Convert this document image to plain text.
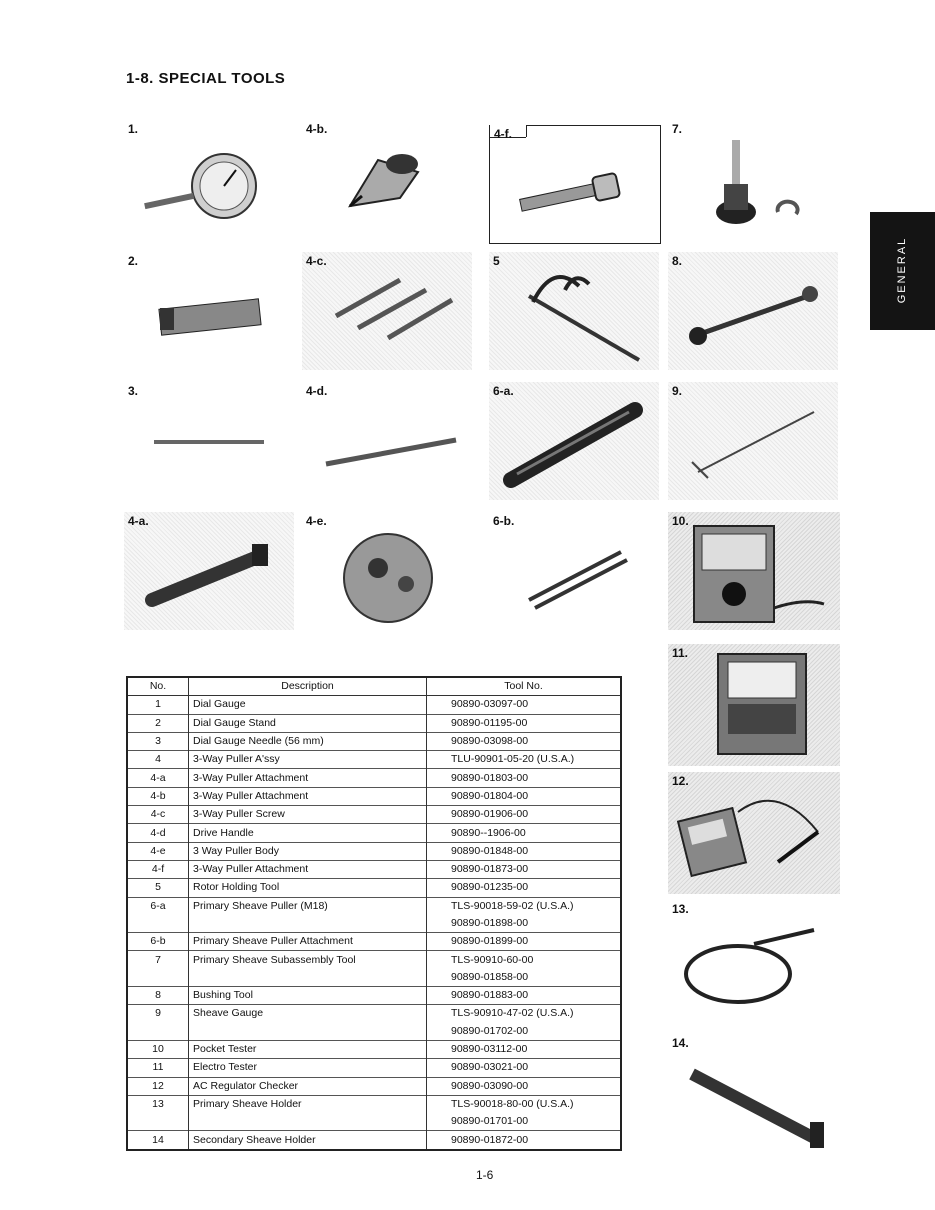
1-8. SPECIAL TOOLS
GENERAL
1.	4-b.	4-f.	7.
2.	4-c.	5	8.
3.	4-d.	6-a.	9.
4-a.	4-e.	6-b.	10.
11.
12.
13.
14.
No.	Description	Tool No.
1	Dial Gauge	90890-03097-00
2	Dial Gauge Stand	90890-01195-00
3	Dial Gauge Needle (56 mm)	90890-03098-00
4	3-Way Puller A'ssy	TLU-90901-05-20 (U.S.A.)
4-a	3-Way Puller Attachment	90890-01803-00
4-b	3-Way Puller Attachment	90890-01804-00
4-c	3-Way Puller Screw	90890-01906-00
4-d	Drive Handle	90890--1906-00
4-e	3 Way Puller Body	90890-01848-00
4-f	3-Way Puller Attachment	90890-01873-00
5	Rotor Holding Tool	90890-01235-00
6-a	Primary Sheave Puller (M18)	TLS-90018-59-02 (U.S.A.)
		90890-01898-00
6-b	Primary Sheave Puller Attachment	90890-01899-00
7	Primary Sheave Subassembly Tool	TLS-90910-60-00
		90890-01858-00
8	Bushing Tool	90890-01883-00
9	Sheave Gauge	TLS-90910-47-02 (U.S.A.)
		90890-01702-00
10	Pocket Tester	90890-03112-00
11	Electro Tester	90890-03021-00
12	AC Regulator Checker	90890-03090-00
13	Primary Sheave Holder	TLS-90018-80-00 (U.S.A.)
		90890-01701-00
14	Secondary Sheave Holder	90890-01872-00
1-6
